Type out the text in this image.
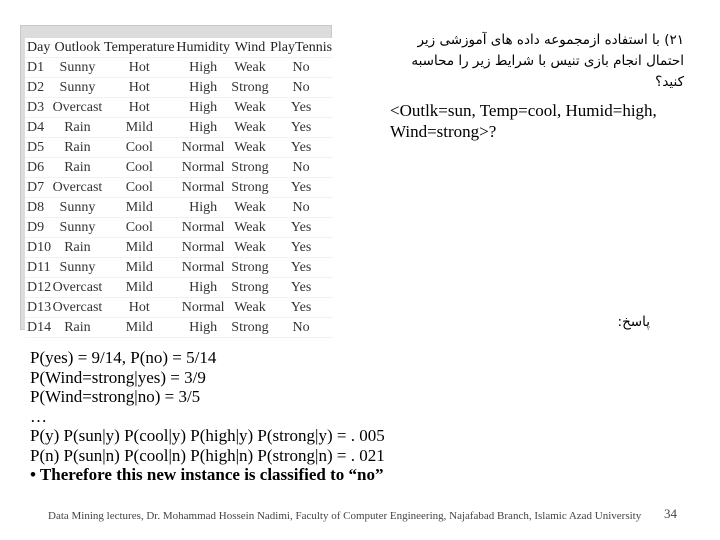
Day	Outlook	Temperature	Humidity	Wind	PlayTennis
D1	Sunny	Hot	High	Weak	No
D2	Sunny	Hot	High	Strong	No
D3	Overcast	Hot	High	Weak	Yes
D4	Rain	Mild	High	Weak	Yes
D5	Rain	Cool	Normal	Weak	Yes
D6	Rain	Cool	Normal	Strong	No
D7	Overcast	Cool	Normal	Strong	Yes
D8	Sunny	Mild	High	Weak	No
D9	Sunny	Cool	Normal	Weak	Yes
D10	Rain	Mild	Normal	Weak	Yes
D11	Sunny	Mild	Normal	Strong	Yes
D12	Overcast	Mild	High	Strong	Yes
D13	Overcast	Hot	Normal	Weak	Yes
D14	Rain	Mild	High	Strong	No
۲۱) با استفاده ازمجموعه داده های آموزشی زیر
احتمال انجام بازی تنیس با شرایط زیر را محاسبه
کنید؟
<Outlk=sun, Temp=cool, Humid=high,
Wind=strong>?
پاسخ:
P(yes) = 9/14, P(no) = 5/14
P(Wind=strong|yes) = 3/9
P(Wind=strong|no) = 3/5
…
P(y) P(sun|y) P(cool|y) P(high|y) P(strong|y) = . 005
P(n) P(sun|n) P(cool|n) P(high|n) P(strong|n) = . 021
• Therefore this new instance is classified to “no”
Data Mining lectures, Dr. Mohammad Hossein Nadimi, Faculty of Computer Engineering, Najafabad Branch, Islamic Azad University 34
